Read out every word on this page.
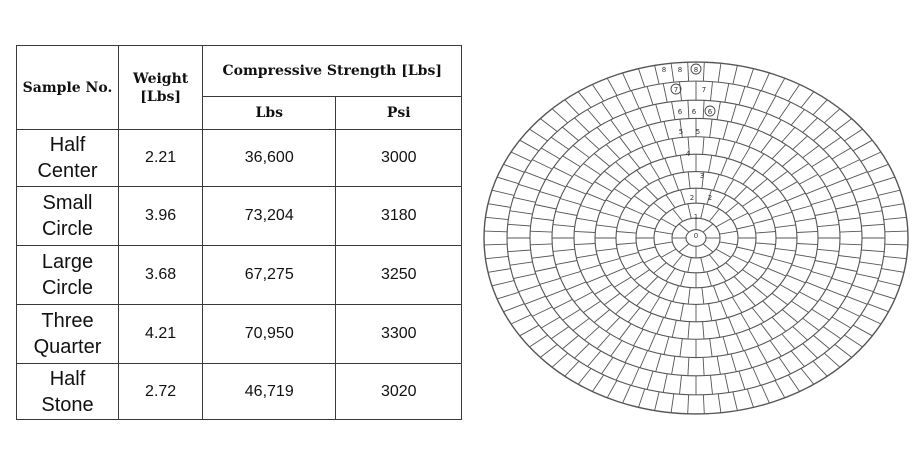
Sample No.	Weight [Lbs]	Compressive Strength [Lbs]	
		Lbs	Psi
Half
Center	2.21	36,600	3000
Small
Circle	3.96	73,204	3180
Large
Circle	3.68	67,275	3250
Three
Quarter	4.21	70,950	3300
Half
Stone	2.72	46,719	3020
0
1
2 2
3
4
5 5
6 6 6
7	7
8 8 8
